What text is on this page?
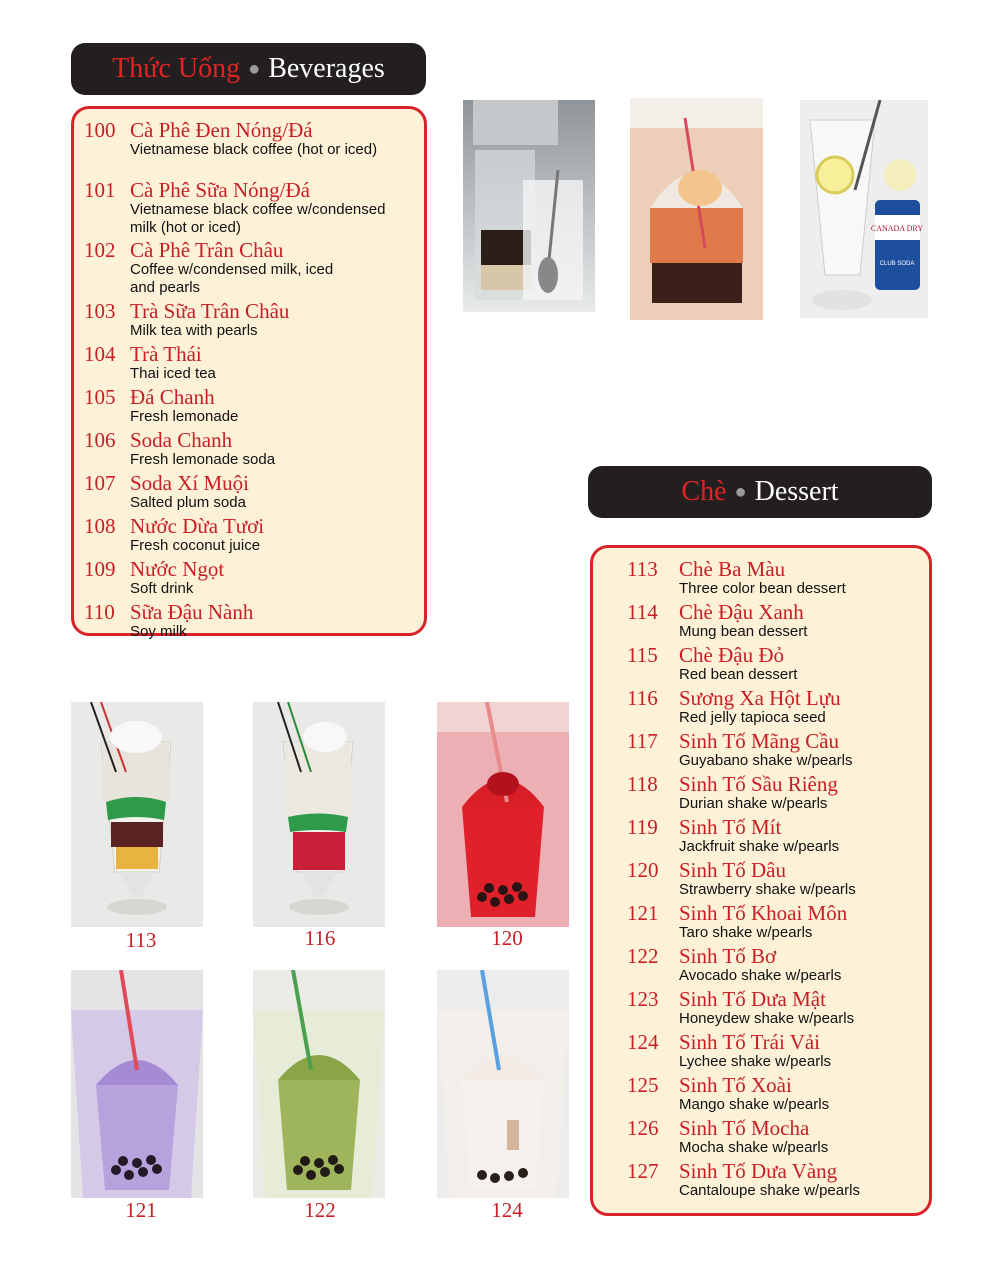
Thức Uống ● Beverages
100 Cà Phê Đen Nóng/Đá
Vietnamese black coffee (hot or iced)
101 Cà Phê Sữa Nóng/Đá
Vietnamese black coffee w/condensed milk (hot or iced)
102 Cà Phê Trân Châu
Coffee w/condensed milk, iced and pearls
103 Trà Sữa Trân Châu
Milk tea with pearls
104 Trà Thái
Thai iced tea
105 Đá Chanh
Fresh lemonade
106 Soda Chanh
Fresh lemonade soda
107 Soda Xí Muội
Salted plum soda
108 Nước Dừa Tươi
Fresh coconut juice
109 Nước Ngọt
Soft drink
110 Sữa Đậu Nành
Soy milk
CANADA DRY
CLUB SODA
Chè ● Dessert
113	Chè Ba Màu
Three color bean dessert
114	Chè Đậu Xanh
Mung bean dessert
115	Chè Đậu Đỏ
Red bean dessert
116	Sương Xa Hột Lựu
Red jelly tapioca seed
117	Sinh Tố Mãng Cầu
Guyabano shake w/pearls
118	Sinh Tố Sầu Riêng
Durian shake w/pearls
119	Sinh Tố Mít
Jackfruit shake w/pearls
120 Sinh Tố Dâu
Strawberry shake w/pearls
121 Sinh Tố Khoai Môn
Taro shake w/pearls
122 Sinh Tố Bơ
Avocado shake w/pearls
123 Sinh Tố Dưa Mật
Honeydew shake w/pearls
124 Sinh Tố Trái Vải
Lychee shake w/pearls
125 Sinh Tố Xoài
Mango shake w/pearls
126 Sinh Tố Mocha
Mocha shake w/pearls
127 Sinh Tố Dưa Vàng
Cantaloupe shake w/pearls
113	116	120
121	122	124
